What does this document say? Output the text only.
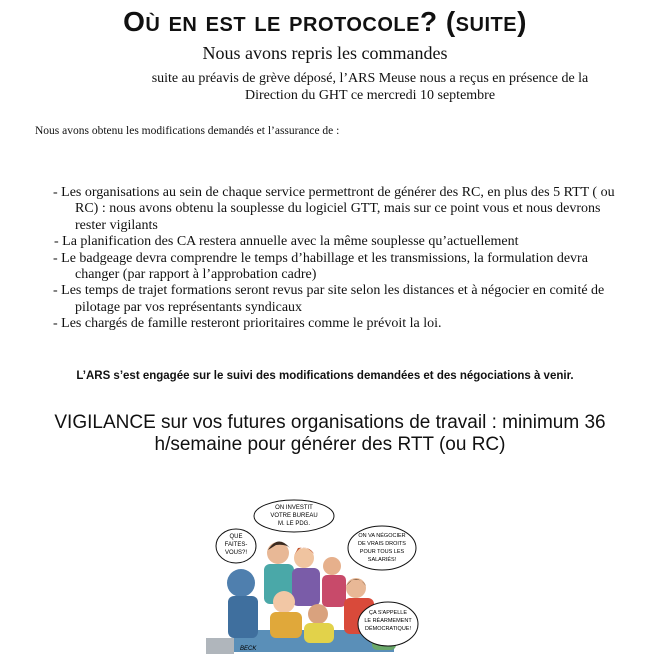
Où en est le protocole? (suite)
Nous avons repris les commandes
suite au préavis de grève déposé, l’ARS Meuse nous a reçus en présence de la Direction du GHT ce mercredi 10 septembre
Nous avons obtenu les modifications demandés et l’assurance de :
- Les organisations au sein de chaque service permettront de générer des RC, en plus des 5 RTT ( ou RC) : nous avons obtenu la souplesse du logiciel GTT, mais sur ce point vous et nous devrons rester vigilants
- La planification des CA restera annuelle avec la même souplesse qu’actuellement
- Le badgeage devra comprendre le temps d’habillage et les transmissions, la formulation devra changer (par rapport à l’approbation cadre)
- Les temps de trajet formations seront revus par site selon les distances et à négocier en comité de pilotage par vos représentants syndicaux
- Les chargés de famille resteront prioritaires comme le prévoit la loi.
L’ARS s’est engagée sur le suivi des modifications demandées et des négociations à venir.
VIGILANCE sur vos futures organisations de travail : minimum 36 h/semaine pour générer des RTT (ou RC)
QUE
FAITES-
VOUS?!
ON INVESTIT
VOTRE BUREAU
M. LE PDG.
ON VA NÉGOCIER
DE VRAIS DROITS
POUR TOUS LES
SALARIÉS!
ÇA S'APPELLE
LE RÉARMEMENT
DÉMOCRATIQUE!
BECK
